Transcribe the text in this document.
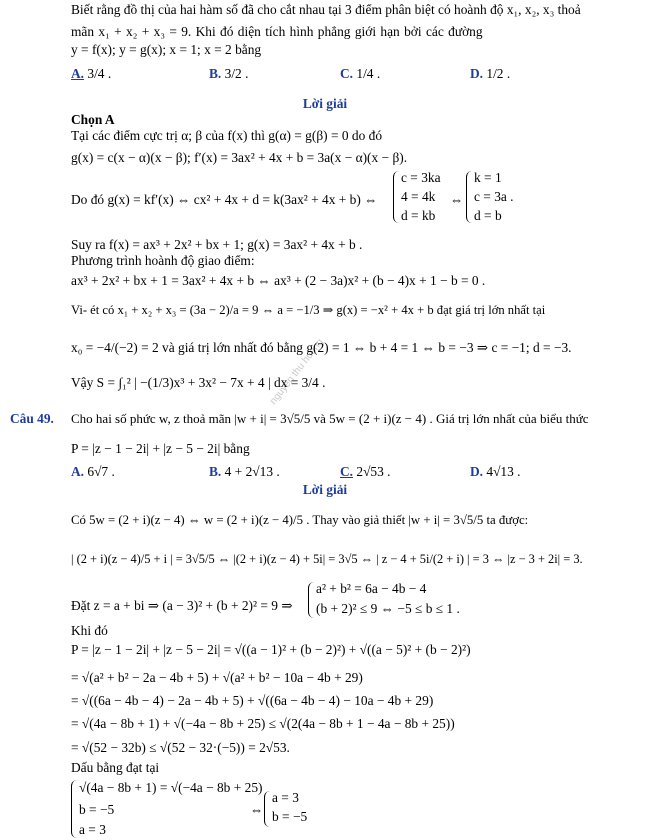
nguyen thu huong
Biết rằng đồ thị của hai hàm số đã cho cắt nhau tại 3 điểm phân biệt có hoành độ x₁, x₂, x₃ thoả
mãn x₁ + x₂ + x₃ = 9. Khi đó diện tích hình phẳng giới hạn bởi các đường
y = f(x); y = g(x); x = 1; x = 2 bằng
A. 3/4 .	B. 3/2 .	C. 1/4 .	D. 1/2 .
Lời giải
Chọn A
Tại các điểm cực trị α; β của f(x) thì g(α) = g(β) = 0 do đó
g(x) = c(x − α)(x − β); f′(x) = 3ax² + 4x + b = 3a(x − α)(x − β).
Do đó g(x) = kf′(x) ⇔ cx² + 4x + d = k(3ax² + 4x + b) ⇔
c = 3ka
4 = 4k
d = kb
⇔
k = 1
c = 3a .
d = b
Suy ra f(x) = ax³ + 2x² + bx + 1; g(x) = 3ax² + 4x + b .
Phương trình hoành độ giao điểm:
ax³ + 2x² + bx + 1 = 3ax² + 4x + b ⇔ ax³ + (2 − 3a)x² + (b − 4)x + 1 − b = 0 .
Vi- ét có x₁ + x₂ + x₃ = (3a − 2)/a = 9 ⇔ a = −1/3 ⇒ g(x) = −x² + 4x + b đạt giá trị lớn nhất tại
x₀ = −4/(−2) = 2 và giá trị lớn nhất đó bằng g(2) = 1 ⇔ b + 4 = 1 ⇔ b = −3 ⇒ c = −1; d = −3.
Vậy S = ∫₁² | −(1/3)x³ + 3x² − 7x + 4 | dx = 3/4 .
Câu 49. Cho hai số phức w, z thoả mãn |w + i| = 3√5/5 và 5w = (2 + i)(z − 4) . Giá trị lớn nhất của biểu thức
P = |z − 1 − 2i| + |z − 5 − 2i| bằng
A. 6√7 .	B. 4 + 2√13 .	C. 2√53 .	D. 4√13 .
Lời giải
Có 5w = (2 + i)(z − 4) ⇔ w = (2 + i)(z − 4)/5 . Thay vào giả thiết |w + i| = 3√5/5 ta được:
| (2 + i)(z − 4)/5 + i | = 3√5/5 ⇔ |(2 + i)(z − 4) + 5i| = 3√5 ⇔ | z − 4 + 5i/(2 + i) | = 3 ⇔ |z − 3 + 2i| = 3.
Đặt z = a + bi ⇒ (a − 3)² + (b + 2)² = 9 ⇒
a² + b² = 6a − 4b − 4
(b + 2)² ≤ 9 ⇔ −5 ≤ b ≤ 1 .
Khi đó
P = |z − 1 − 2i| + |z − 5 − 2i| = √((a − 1)² + (b − 2)²) + √((a − 5)² + (b − 2)²)
= √(a² + b² − 2a − 4b + 5) + √(a² + b² − 10a − 4b + 29)
= √((6a − 4b − 4) − 2a − 4b + 5) + √((6a − 4b − 4) − 10a − 4b + 29)
= √(4a − 8b + 1) + √(−4a − 8b + 25) ≤ √(2(4a − 8b + 1 − 4a − 8b + 25))
= √(52 − 32b) ≤ √(52 − 32·(−5)) = 2√53.
Dấu bằng đạt tại
√(4a − 8b + 1) = √(−4a − 8b + 25)
b = −5
a = 3
⇔
a = 3
b = −5
